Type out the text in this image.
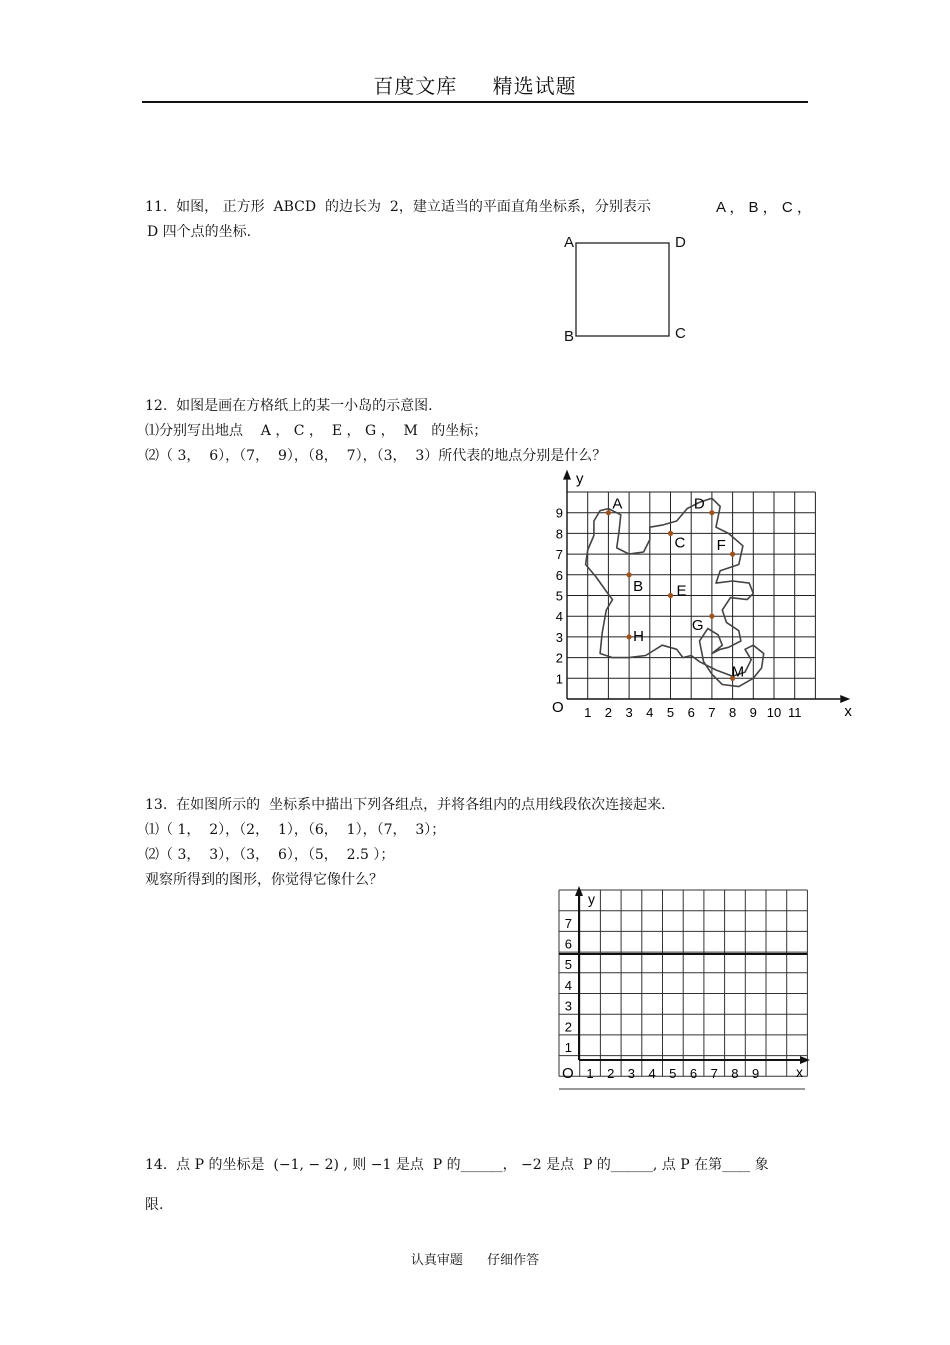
百度文库 精选试题
11.  如图， 正方形  ABCD  的边长为  2，建立适当的平面直角坐标系，分别表示	A ， B ， C ，
D 四个点的坐标.
A	D
B	C
12.  如图是画在方格纸上的某一小岛的示意图.
⑴分别写出地点    A ， C ，  E ， G ，  M   的坐标；
⑵（ 3，  6），（7，  9），（8，  7），（3，  3）所代表的地点分别是什么？
x
y
O 1 2 3 4 5 6 7 8 9 10 11
1
2
3
4
5
6
7
8
9
A
C
D
F
B E
G
H
M
13.  在如图所示的  坐标系中描出下列各组点，并将各组内的点用线段依次连接起来.
⑴（ 1，  2），（2，  1），（6，  1），（7，  3）；
⑵（ 3，  3），（3，  6），（5，  2.5 ）；
观察所得到的图形，你觉得它像什么？
y
x
O 1 2 3 4 5 6 7 8 9
1
2
3
4
5
6
7
14.  点 P 的坐标是  (−1, − 2) , 则 −1 是点  P 的______， −2 是点  P 的______, 点 P 在第____ 象
限.
认真审题 仔细作答
